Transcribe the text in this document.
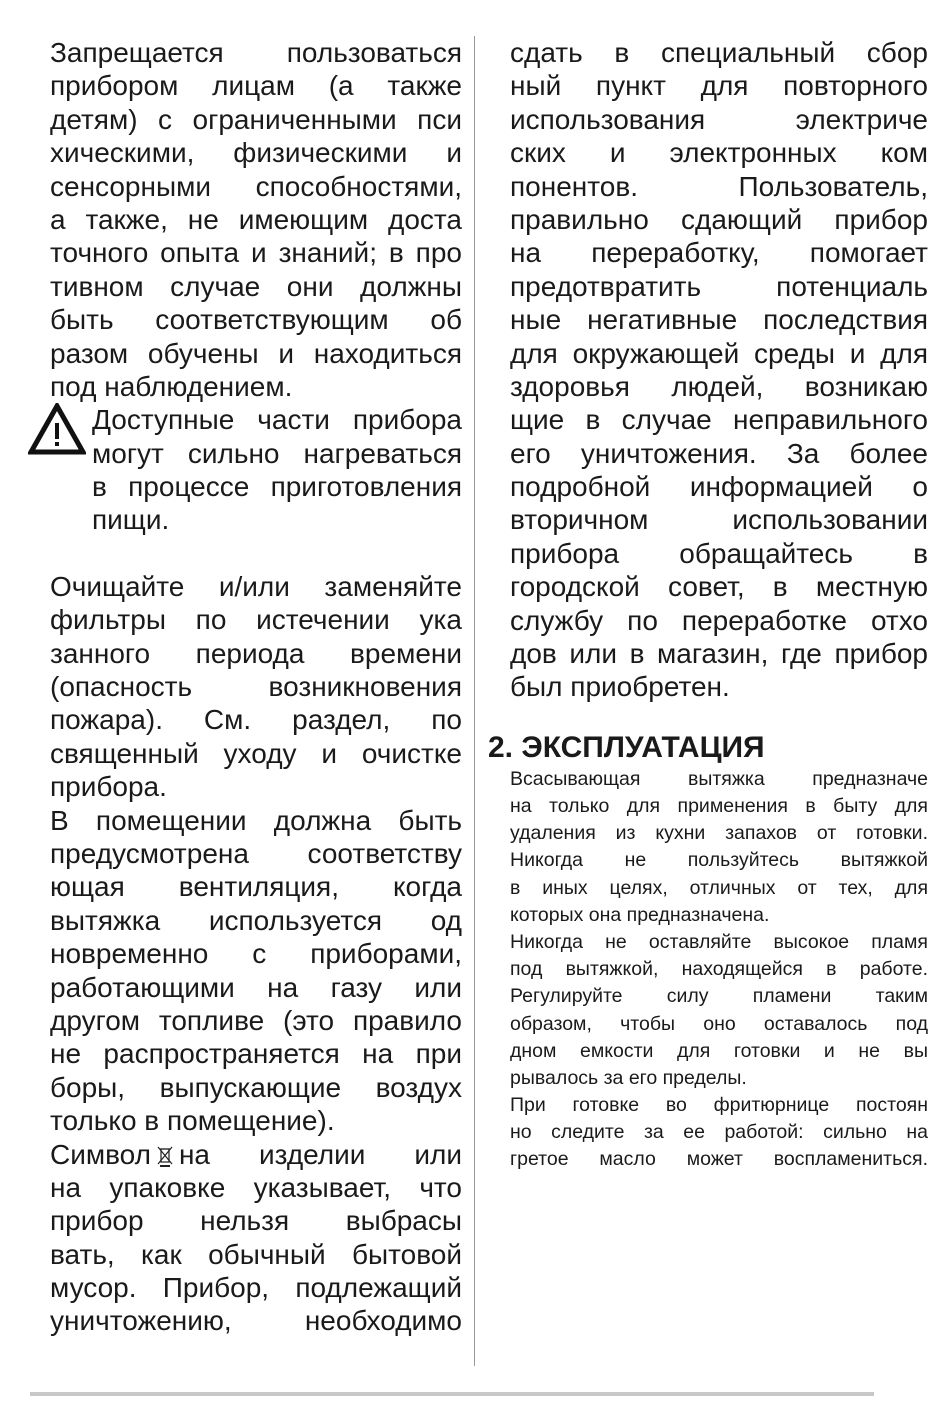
Запрещается пользоваться
прибором лицам (а также
детям) с ограниченными пси
хическими, физическими и
сенсорными способностями,
а также, не имеющим доста
точного опыта и знаний; в про
тивном случае они должны
быть соответствующим об
разом обучены и находиться
под наблюдением.
Доступные части прибора
могут сильно нагреваться
в процессе приготовления
пищи.
Очищайте и/или заменяйте
фильтры по истечении ука
занного периода времени
(опасность возникновения
пожара). См. раздел, по
священный уходу и очистке
прибора.
В помещении должна быть
предусмотрена соответству
ющая вентиляция, когда
вытяжка используется од
новременно с приборами,
работающими на газу или
другом топливе (это правило
не распространяется на при
боры, выпускающие воздух
только в помещение).
Символ на изделии или
на упаковке указывает, что
прибор нельзя выбрасы
вать, как обычный бытовой
мусор. Прибор, подлежащий
уничтожению, необходимо
сдать в специальный сбор
ный пункт для повторного
использования электриче
ских и электронных ком
понентов. Пользователь,
правильно сдающий прибор
на переработку, помогает
предотвратить потенциаль
ные негативные последствия
для окружающей среды и для
здоровья людей, возникаю
щие в случае неправильного
его уничтожения. За более
подробной информацией о
вторичном использовании
прибора обращайтесь в
городской совет, в местную
службу по переработке отхо
дов или в магазин, где прибор
был приобретен.
2. ЭКСПЛУАТАЦИЯ
Всасывающая вытяжка предназначе
на только для применения в быту для
удаления из кухни запахов от готовки.
Никогда не пользуйтесь вытяжкой
в иных целях, отличных от тех, для
которых она предназначена.
Никогда не оставляйте высокое пламя
под вытяжкой, находящейся в работе.
Регулируйте силу пламени таким
образом, чтобы оно оставалось под
дном емкости для готовки и не вы
рывалось за его пределы.
При готовке во фритюрнице постоян
но следите за ее работой: сильно на
гретое масло может воспламениться.
